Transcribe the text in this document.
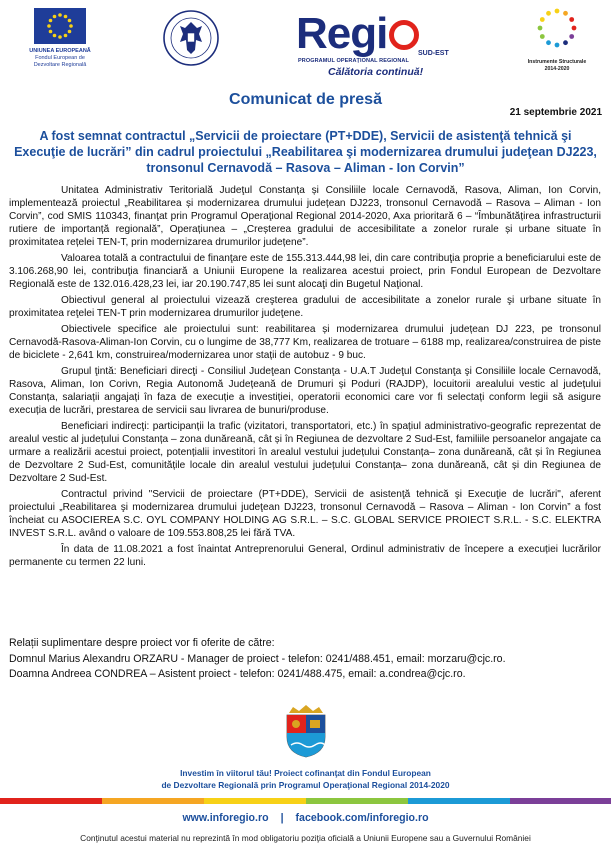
UNIUNEA EUROPEANĂ
Fondul European de
Dezvoltare Regională
Regi	SUD-EST
PROGRAMUL OPERAȚIONAL REGIONAL
Călătoria continuă!
Instrumente Structurale
2014-2020
Comunicat de presă
21 septembrie 2021
A fost semnat contractul „Servicii de proiectare (PT+DDE), Servicii de asistenţă tehnică şi Execuţie de lucrări” din cadrul proiectului „Reabilitarea şi modernizarea drumului judeţean DJ223, tronsonul Cernavodă – Rasova – Aliman - Ion Corvin”

Unitatea Administrativ Teritorială Judeţul Constanța și Consiliile locale Cernavodă, Rasova, Aliman, Ion Corvin, implementează proiectul „Reabilitarea și modernizarea drumului județean DJ223, tronsonul Cernavodă – Rasova – Aliman - Ion Corvin”, cod SMIS 110343, finanţat prin Programul Operaţional Regional 2014-2020, Axa prioritară 6 – “Îmbunătățirea infrastructurii rutiere de importanță regională”, Operațiunea – „Creșterea gradului de accesibilitate a zonelor rurale și urbane situate în proximitatea rețelei TEN-T, prin modernizarea drumurilor județene”.

Valoarea totală a contractului de finanţare este de 155.313.444,98 lei, din care contribuţia proprie a beneficiarului este de 3.106.268,90 lei, contribuţia financiară a Uniunii Europene la realizarea acestui proiect, prin Fondul European de Dezvoltare Regională este de 132.016.428,23 lei, iar 20.190.747,85 lei sunt alocaţi din Bugetul Naţional.

Obiectivul general al proiectului vizează creşterea gradului de accesibilitate a zonelor rurale şi urbane situate în proximitatea reţelei TEN-T prin modernizarea drumurilor judeţene.

Obiectivele specifice ale proiectului sunt: reabilitarea și modernizarea drumului județean DJ 223, pe tronsonul Cernavodă-Rasova-Aliman-Ion Corvin, cu o lungime de 38,777 Km, realizarea de trotuare – 6188 mp, realizarea/construirea de piste de biciclete - 2,641 km, construirea/modernizarea unor stații de autobuz - 9 buc.

Grupul ţintă: Beneficiari direcţi - Consiliul Judeţean Constanţa - U.A.T Judeţul Constanţa şi Consiliile locale Cernavodă, Rasova, Aliman, Ion Corivn, Regia Autonomă Județeană de Drumuri și Poduri (RAJDP), locuitorii arealului vestic al județului Constanța, salariații angajați în faza de execuție a investiției, operatorii economici care vor fi selectați conform legii să asigure execuția de lucrări, prestarea de servicii sau livrarea de bunuri/produse.

Beneficiari indirecţi: participanții la trafic (vizitatori, transportatori, etc.) în spațiul administrativo-geografic reprezentat de arealul vestic al județului Constanța – zona dunăreană, cât și în Regiunea de dezvoltare 2 Sud-Est, familiile persoanelor angajate ca urmare a realizării acestui proiect, potențialii investitori în arealul vestului județului Constanța– zona dunăreană, cât și în Regiunea de Dezvoltare 2 Sud-Est, comunitățile locale din arealul vestului județului Constanța– zona dunăreană, cât și din Regiunea de Dezvoltare 2 Sud-Est.

Contractul privind "Servicii de proiectare (PT+DDE), Servicii de asistenţă tehnică şi Execuţie de lucrări", aferent proiectului „Reabilitarea şi modernizarea drumului judeţean DJ223, tronsonul Cernavodă – Rasova – Aliman - Ion Corvin” a fost încheiat cu ASOCIEREA S.C. OYL COMPANY HOLDING AG S.R.L. – S.C. GLOBAL SERVICE PROIECT S.R.L. - S.C. ELEKTRA INVEST S.R.L. având o valoare de 109.553.808,25 lei fără TVA.

În data de 11.08.2021 a fost înaintat Antreprenorului General, Ordinul administrativ de începere a execuției lucrărilor permanente cu termen 22 luni.

Relații suplimentare despre proiect vor fi oferite de către:
Domnul Marius Alexandru ORZARU - Manager de proiect - telefon: 0241/488.451, email: morzaru@cjc.ro.
Doamna Andreea CONDREA – Asistent proiect - telefon: 0241/488.475, email: a.condrea@cjc.ro.
Investim în viitorul tău! Proiect cofinanţat din Fondul European
de Dezvoltare Regională prin Programul Operaţional Regional 2014-2020
www.inforegio.ro | facebook.com/inforegio.ro
Conţinutul acestui material nu reprezintă în mod obligatoriu poziţia oficială a Uniunii Europene sau a Guvernului României
